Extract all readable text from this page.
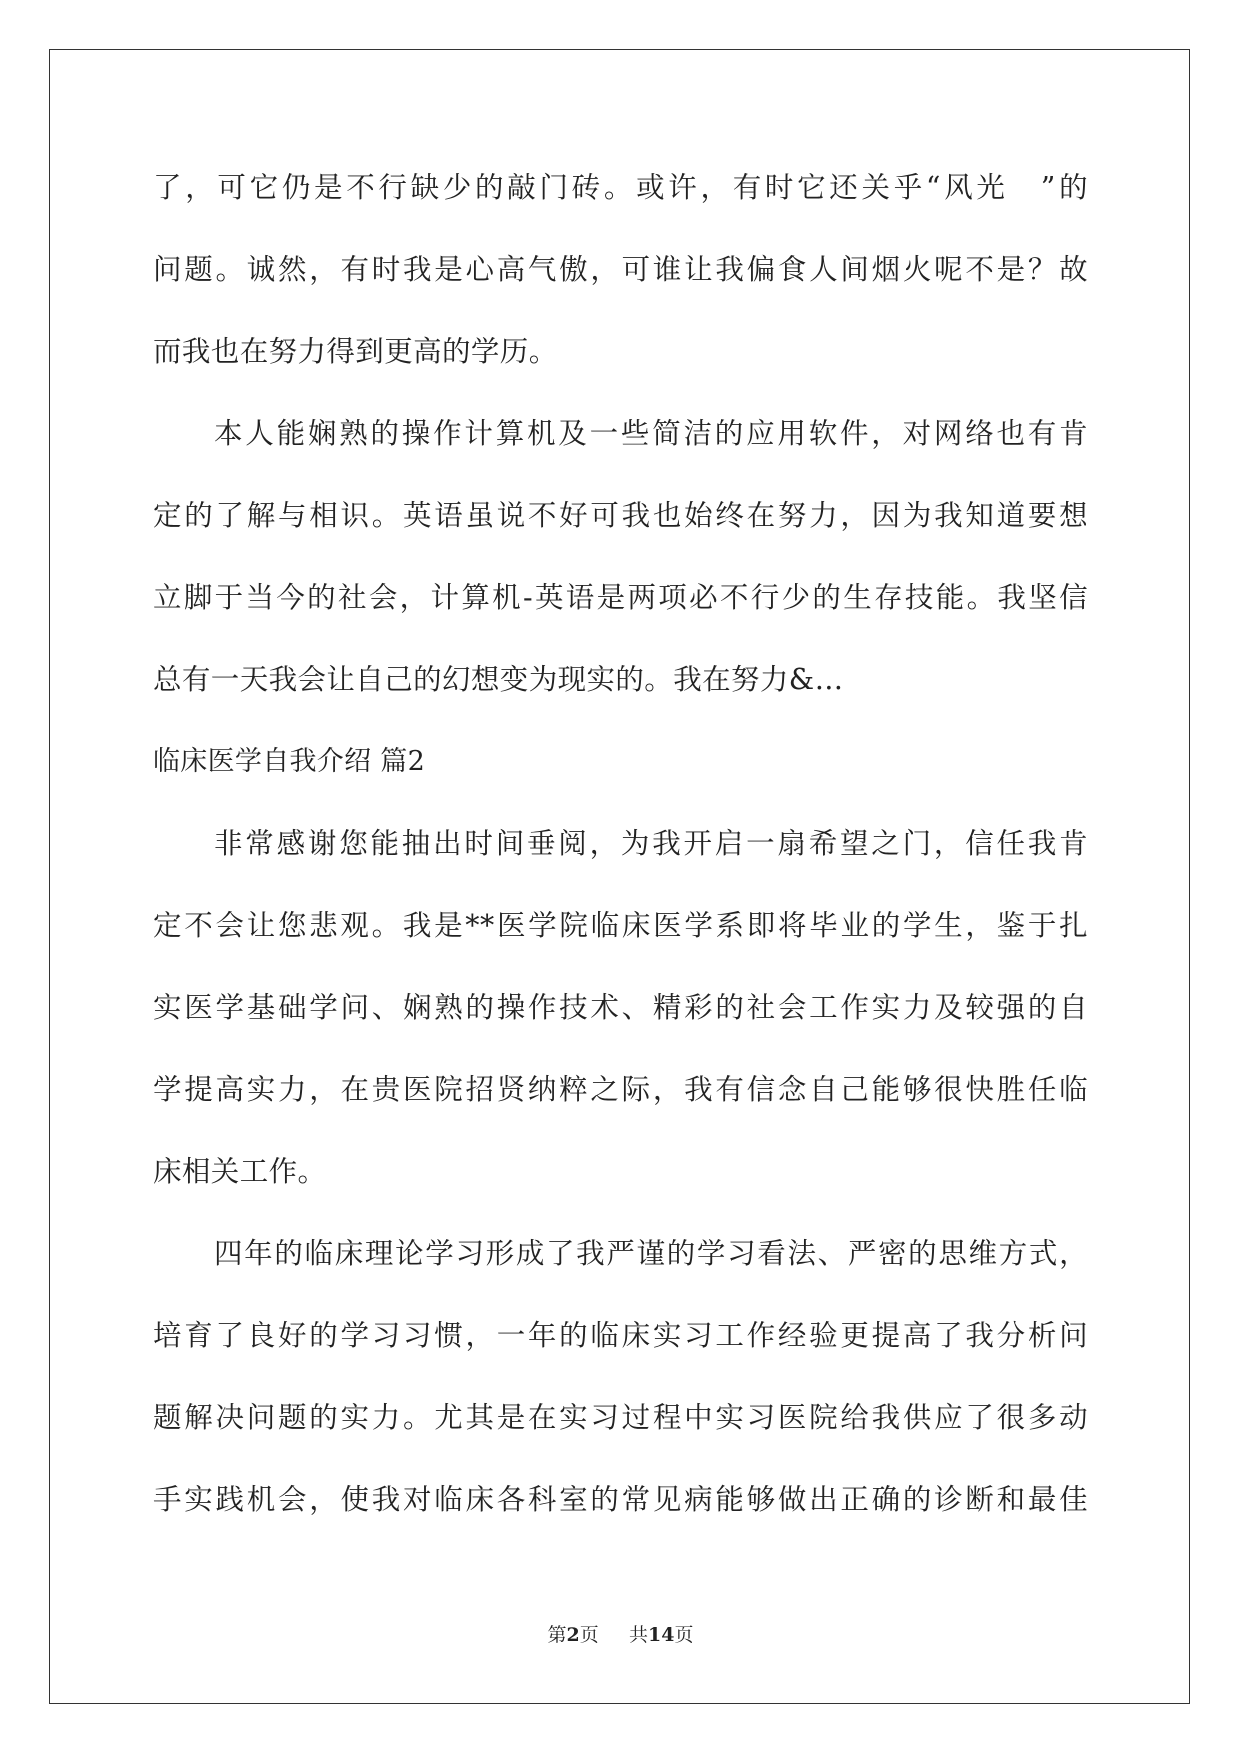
了，可它仍是不行缺少的敲门砖。或许，有时它还关乎“风光　”的
问题。诚然，有时我是心高气傲，可谁让我偏食人间烟火呢不是？故
而我也在努力得到更高的学历。
本人能娴熟的操作计算机及一些简洁的应用软件，对网络也有肯
定的了解与相识。英语虽说不好可我也始终在努力，因为我知道要想
立脚于当今的社会，计算机-英语是两项必不行少的生存技能。我坚信
总有一天我会让自己的幻想变为现实的。我在努力&…
临床医学自我介绍 篇2
非常感谢您能抽出时间垂阅，为我开启一扇希望之门，信任我肯
定不会让您悲观。我是**医学院临床医学系即将毕业的学生，鉴于扎
实医学基础学问、娴熟的操作技术、精彩的社会工作实力及较强的自
学提高实力，在贵医院招贤纳粹之际，我有信念自己能够很快胜任临
床相关工作。
四年的临床理论学习形成了我严谨的学习看法、严密的思维方式，
培育了良好的学习习惯，一年的临床实习工作经验更提高了我分析问
题解决问题的实力。尤其是在实习过程中实习医院给我供应了很多动
手实践机会，使我对临床各科室的常见病能够做出正确的诊断和最佳
第2页 共14页
